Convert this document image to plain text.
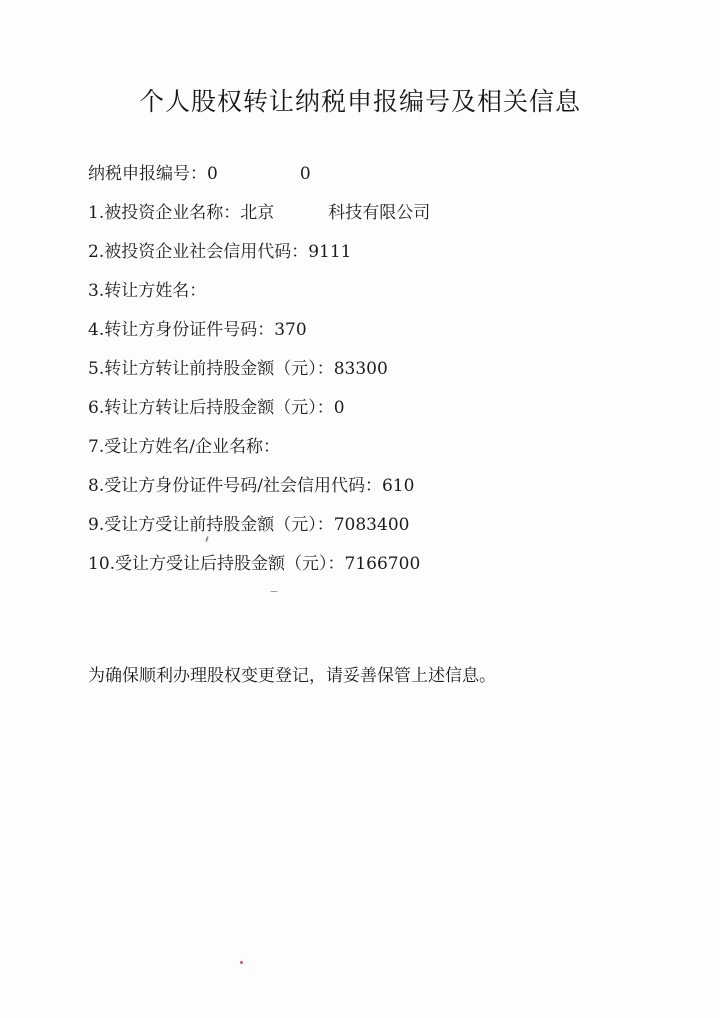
个人股权转让纳税申报编号及相关信息
纳税申报编号：0	0
1.被投资企业名称：北京	科技有限公司
2.被投资企业社会信用代码：9111
3.转让方姓名：
4.转让方身份证件号码：370
5.转让方转让前持股金额（元）：83300
6.转让方转让后持股金额（元）：0
7.受让方姓名/企业名称：
8.受让方身份证件号码/社会信用代码：610
9.受让方受让前持股金额（元）：7083400
10.受让方受让后持股金额（元）：7166700
为确保顺利办理股权变更登记，请妥善保管上述信息。
